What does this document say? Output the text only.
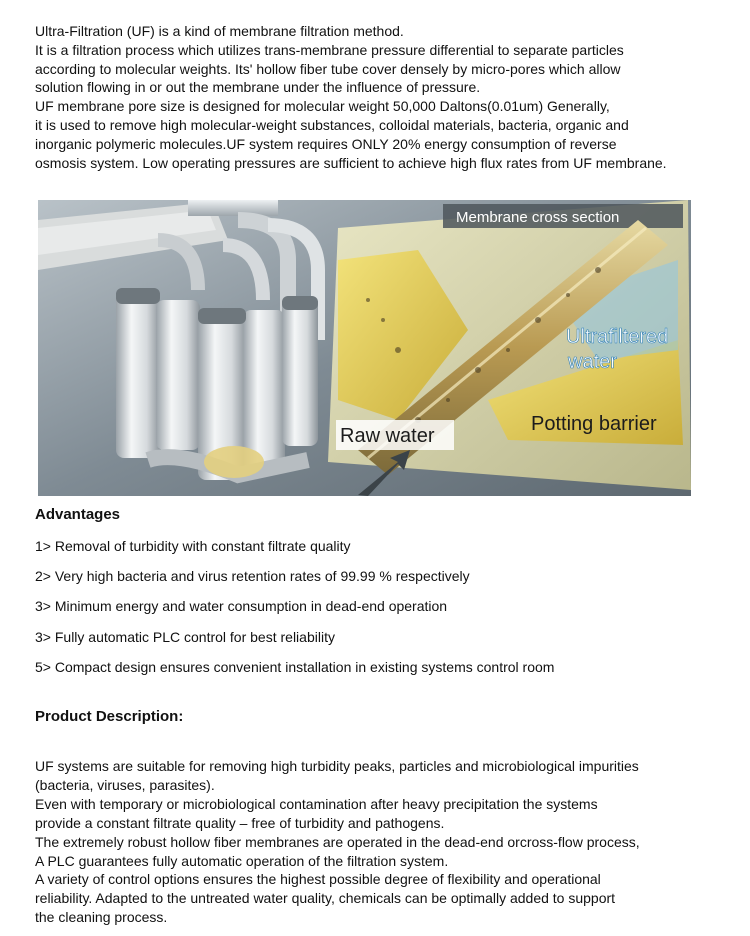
Ultra-Filtration (UF) is a kind of membrane filtration method.

It is a filtration process which utilizes trans-membrane pressure differential to separate particles

according to molecular weights. Its' hollow fiber tube cover densely by micro-pores which allow

solution flowing in or out the membrane under the influence of pressure.

UF membrane pore size is designed for molecular weight 50,000 Daltons(0.01um) Generally,

it is used to remove high molecular-weight substances, colloidal materials, bacteria, organic and

inorganic polymeric molecules.UF system requires ONLY 20% energy consumption of reverse

osmosis system. Low operating pressures are sufficient to achieve high flux rates from UF membrane.

Membrane cross section
Ultrafiltered
water
Potting barrier
Raw water
Advantages
1> Removal of turbidity with constant filtrate quality
2> Very high bacteria and virus retention rates of 99.99 % respectively
3> Minimum energy and water consumption in dead-end operation
3> Fully automatic PLC control for best reliability
5> Compact design ensures convenient installation in existing systems control room
Product Description:

UF systems are suitable for removing high turbidity peaks, particles and microbiological impurities

(bacteria, viruses, parasites).

Even with temporary or microbiological contamination after heavy precipitation the systems

provide a constant filtrate quality – free of turbidity and pathogens.

The extremely robust hollow fiber membranes are operated in the dead-end orcross-flow process,

A PLC guarantees fully automatic operation of the filtration system.

A variety of control options ensures the highest possible degree of flexibility and operational

reliability. Adapted to the untreated water quality, chemicals can be optimally added to support

the cleaning process.
